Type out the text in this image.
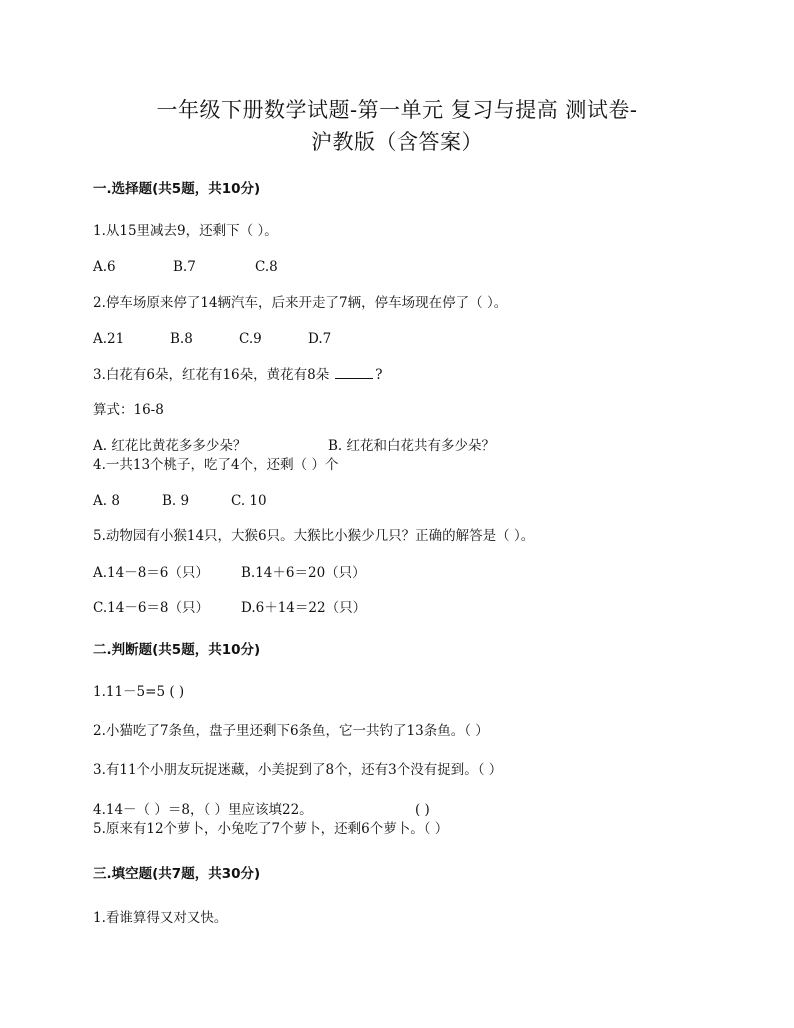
一年级下册数学试题-第一单元 复习与提高 测试卷-
沪教版（含答案）
一.选择题(共5题，共10分)
1.从15里减去9，还剩下（ ）。
A.6	B.7	C.8
2.停车场原来停了14辆汽车，后来开走了7辆，停车场现在停了（ ）。
A.21	B.8	C.9	D.7
3.白花有6朵，红花有16朵，黄花有8朵	?
算式：16-8
A. 红花比黄花多多少朵？	B. 红花和白花共有多少朵？
4.一共13个桃子，吃了4个，还剩（ ）个
A. 8	B. 9	C. 10
5.动物园有小猴14只，大猴6只。大猴比小猴少几只？正确的解答是（ ）。
A.14－8＝6（只） B.14＋6＝20（只）
C.14－6＝8（只） D.6＋14＝22（只）
二.判断题(共5题，共10分)
1.11－5=5 ( )
2.小猫吃了7条鱼，盘子里还剩下6条鱼，它一共钓了13条鱼。（ ）
3.有11个小朋友玩捉迷藏，小美捉到了8个，还有3个没有捉到。（ ）
4.14－（ ）＝8，（ ）里应该填22。	( )
5.原来有12个萝卜，小兔吃了7个萝卜，还剩6个萝卜。（ ）
三.填空题(共7题，共30分)
1.看谁算得又对又快。
